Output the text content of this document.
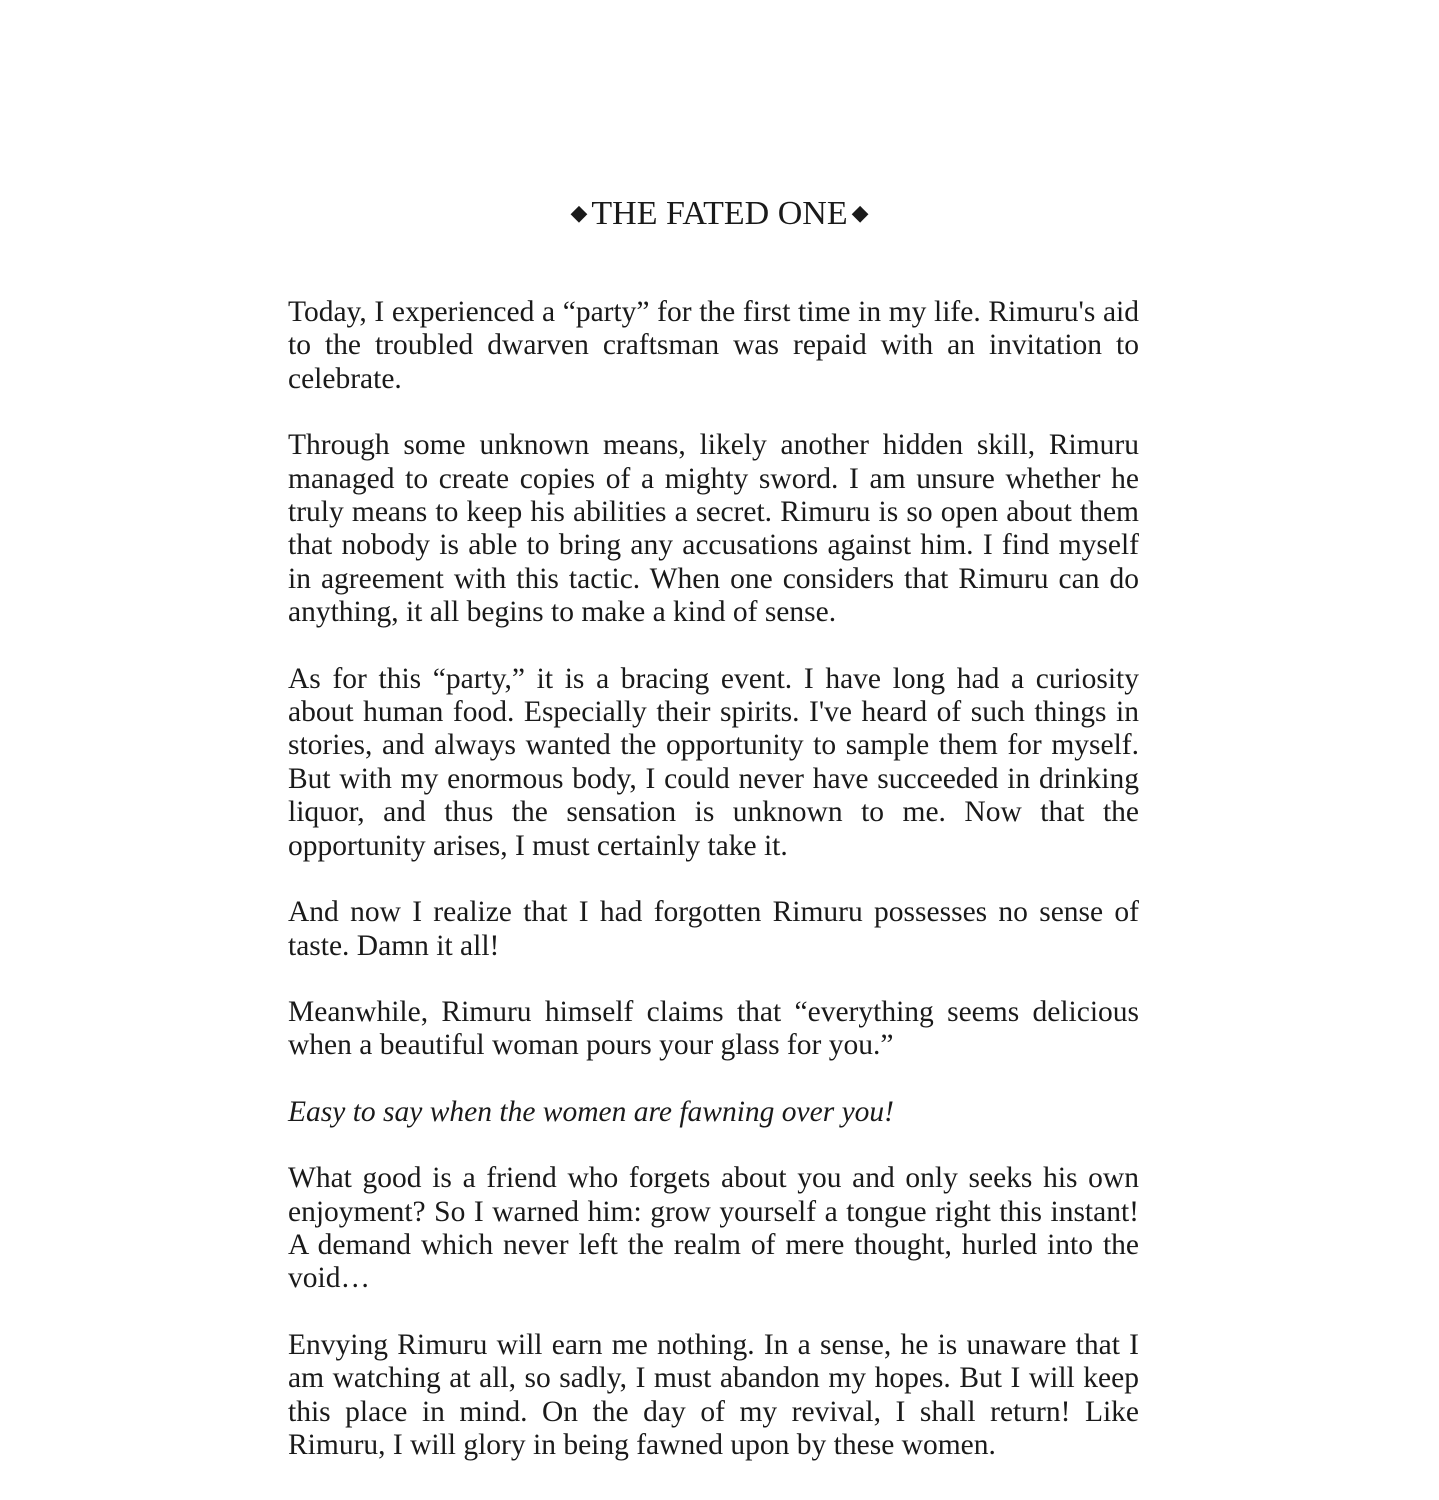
◆ THE FATED ONE ◆

Today, I experienced a “party” for the first time in my life. Rimuru's aid to the troubled dwarven craftsman was repaid with an invitation to celebrate.

Through some unknown means, likely another hidden skill, Rimuru managed to create copies of a mighty sword. I am unsure whether he truly means to keep his abilities a secret. Rimuru is so open about them that nobody is able to bring any accusations against him. I find myself in agreement with this tactic. When one considers that Rimuru can do anything, it all begins to make a kind of sense.

As for this “party,” it is a bracing event. I have long had a curiosity about human food. Especially their spirits. I've heard of such things in stories, and always wanted the opportunity to sample them for myself. But with my enormous body, I could never have succeeded in drinking liquor, and thus the sensation is unknown to me. Now that the opportunity arises, I must certainly take it.

And now I realize that I had forgotten Rimuru possesses no sense of taste. Damn it all!

Meanwhile, Rimuru himself claims that “everything seems delicious when a beautiful woman pours your glass for you.”

Easy to say when the women are fawning over you!

What good is a friend who forgets about you and only seeks his own enjoyment? So I warned him: grow yourself a tongue right this instant! A demand which never left the realm of mere thought, hurled into the void…

Envying Rimuru will earn me nothing. In a sense, he is unaware that I am watching at all, so sadly, I must abandon my hopes. But I will keep this place in mind. On the day of my revival, I shall return! Like Rimuru, I will glory in being fawned upon by these women.
